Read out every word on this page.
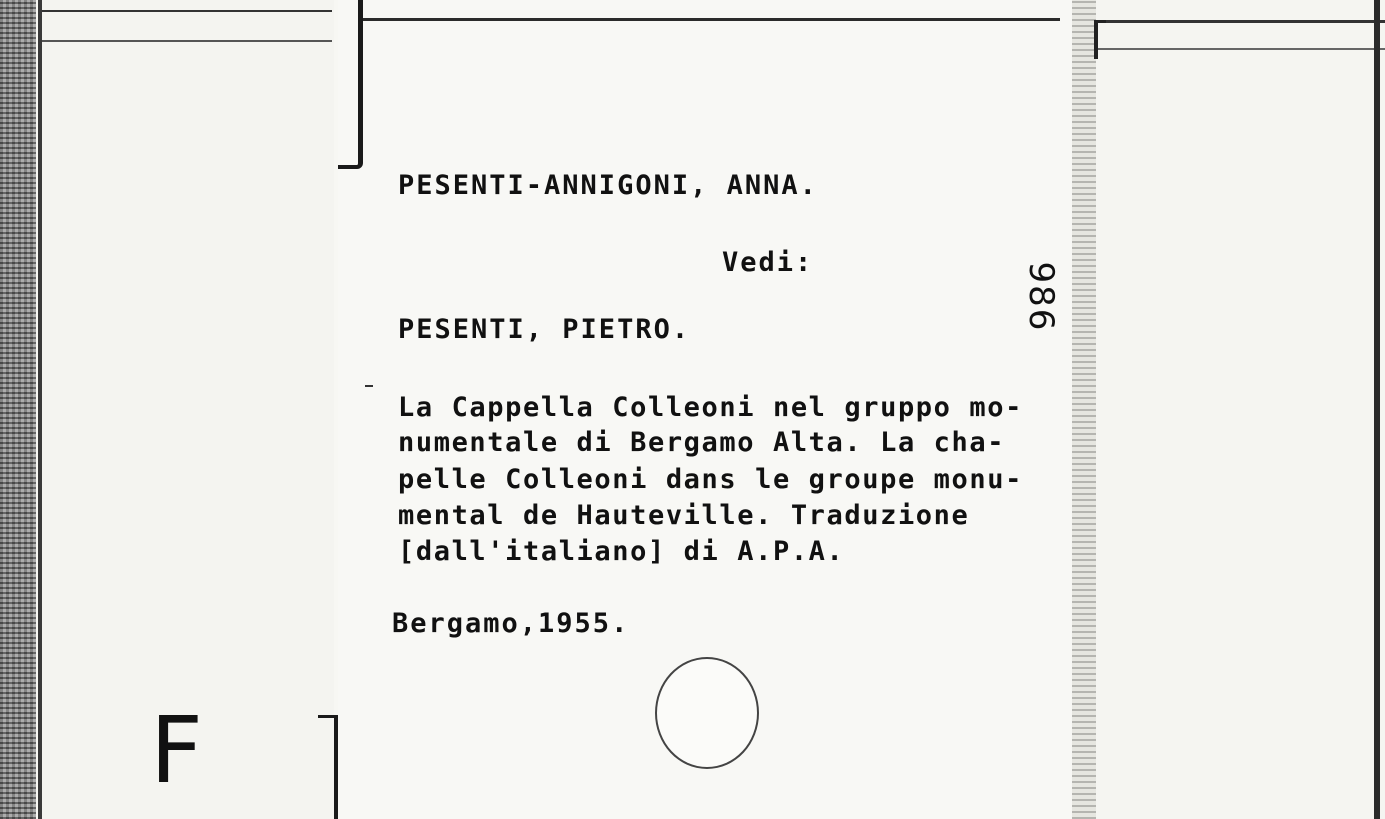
F
PESENTI-ANNIGONI, ANNA.
Vedi:
PESENTI, PIETRO.
La Cappella Colleoni nel gruppo mo-
numentale di Bergamo Alta. La cha-
pelle Colleoni dans le groupe monu-
mental de Hauteville. Traduzione
[dall'italiano] di A.P.A.
Bergamo,1955.
986
